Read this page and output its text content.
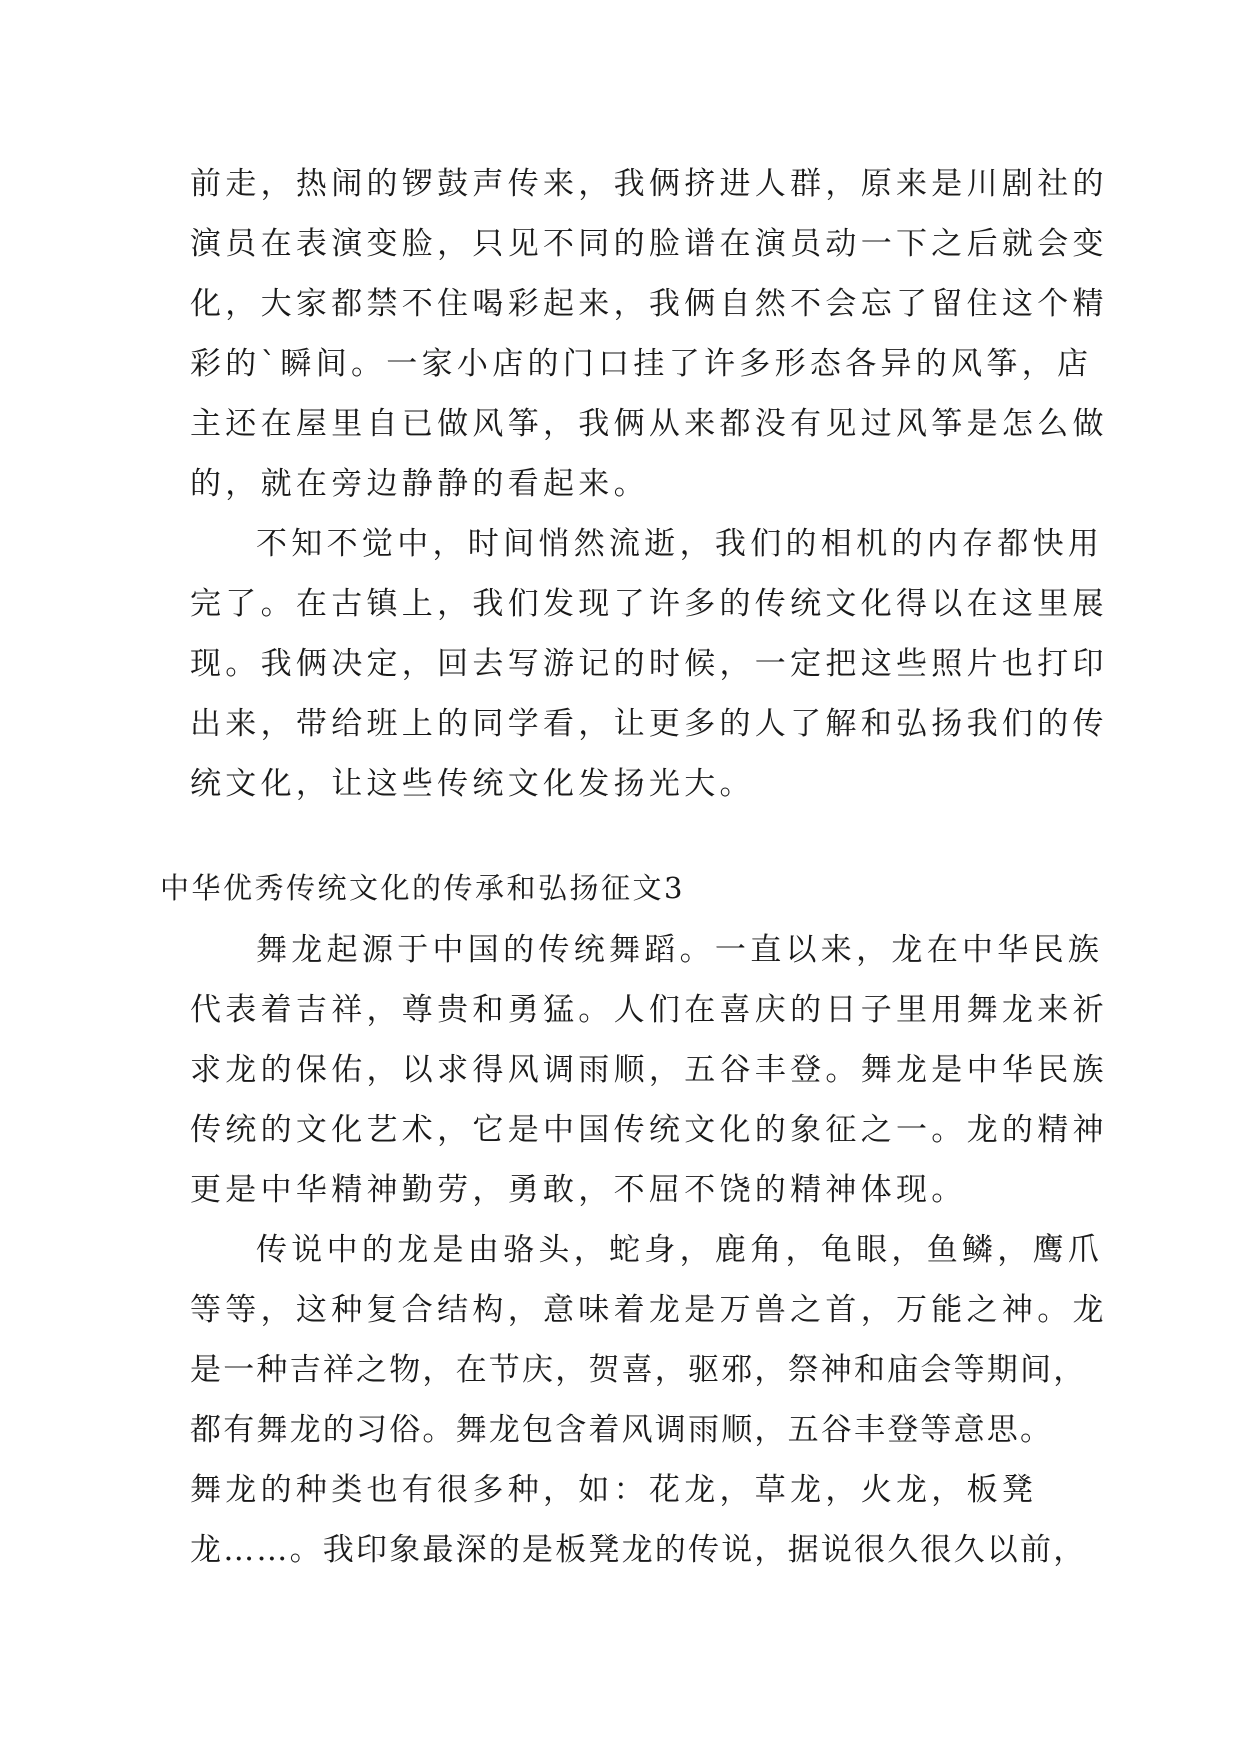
前走，热闹的锣鼓声传来，我俩挤进人群，原来是川剧社的
演员在表演变脸，只见不同的脸谱在演员动一下之后就会变
化，大家都禁不住喝彩起来，我俩自然不会忘了留住这个精
彩的`瞬间。一家小店的门口挂了许多形态各异的风筝，店
主还在屋里自已做风筝，我俩从来都没有见过风筝是怎么做
的，就在旁边静静的看起来。
不知不觉中，时间悄然流逝，我们的相机的内存都快用
完了。在古镇上，我们发现了许多的传统文化得以在这里展
现。我俩决定，回去写游记的时候，一定把这些照片也打印
出来，带给班上的同学看，让更多的人了解和弘扬我们的传
统文化，让这些传统文化发扬光大。
中华优秀传统文化的传承和弘扬征文3
舞龙起源于中国的传统舞蹈。一直以来，龙在中华民族
代表着吉祥，尊贵和勇猛。人们在喜庆的日子里用舞龙来祈
求龙的保佑，以求得风调雨顺，五谷丰登。舞龙是中华民族
传统的文化艺术，它是中国传统文化的象征之一。龙的精神
更是中华精神勤劳，勇敢，不屈不饶的精神体现。
传说中的龙是由骆头，蛇身，鹿角，龟眼，鱼鳞，鹰爪
等等，这种复合结构，意味着龙是万兽之首，万能之神。龙
是一种吉祥之物，在节庆，贺喜，驱邪，祭神和庙会等期间，
都有舞龙的习俗。舞龙包含着风调雨顺，五谷丰登等意思。
舞龙的种类也有很多种，如：花龙，草龙，火龙，板凳
龙……。我印象最深的是板凳龙的传说，据说很久很久以前，
